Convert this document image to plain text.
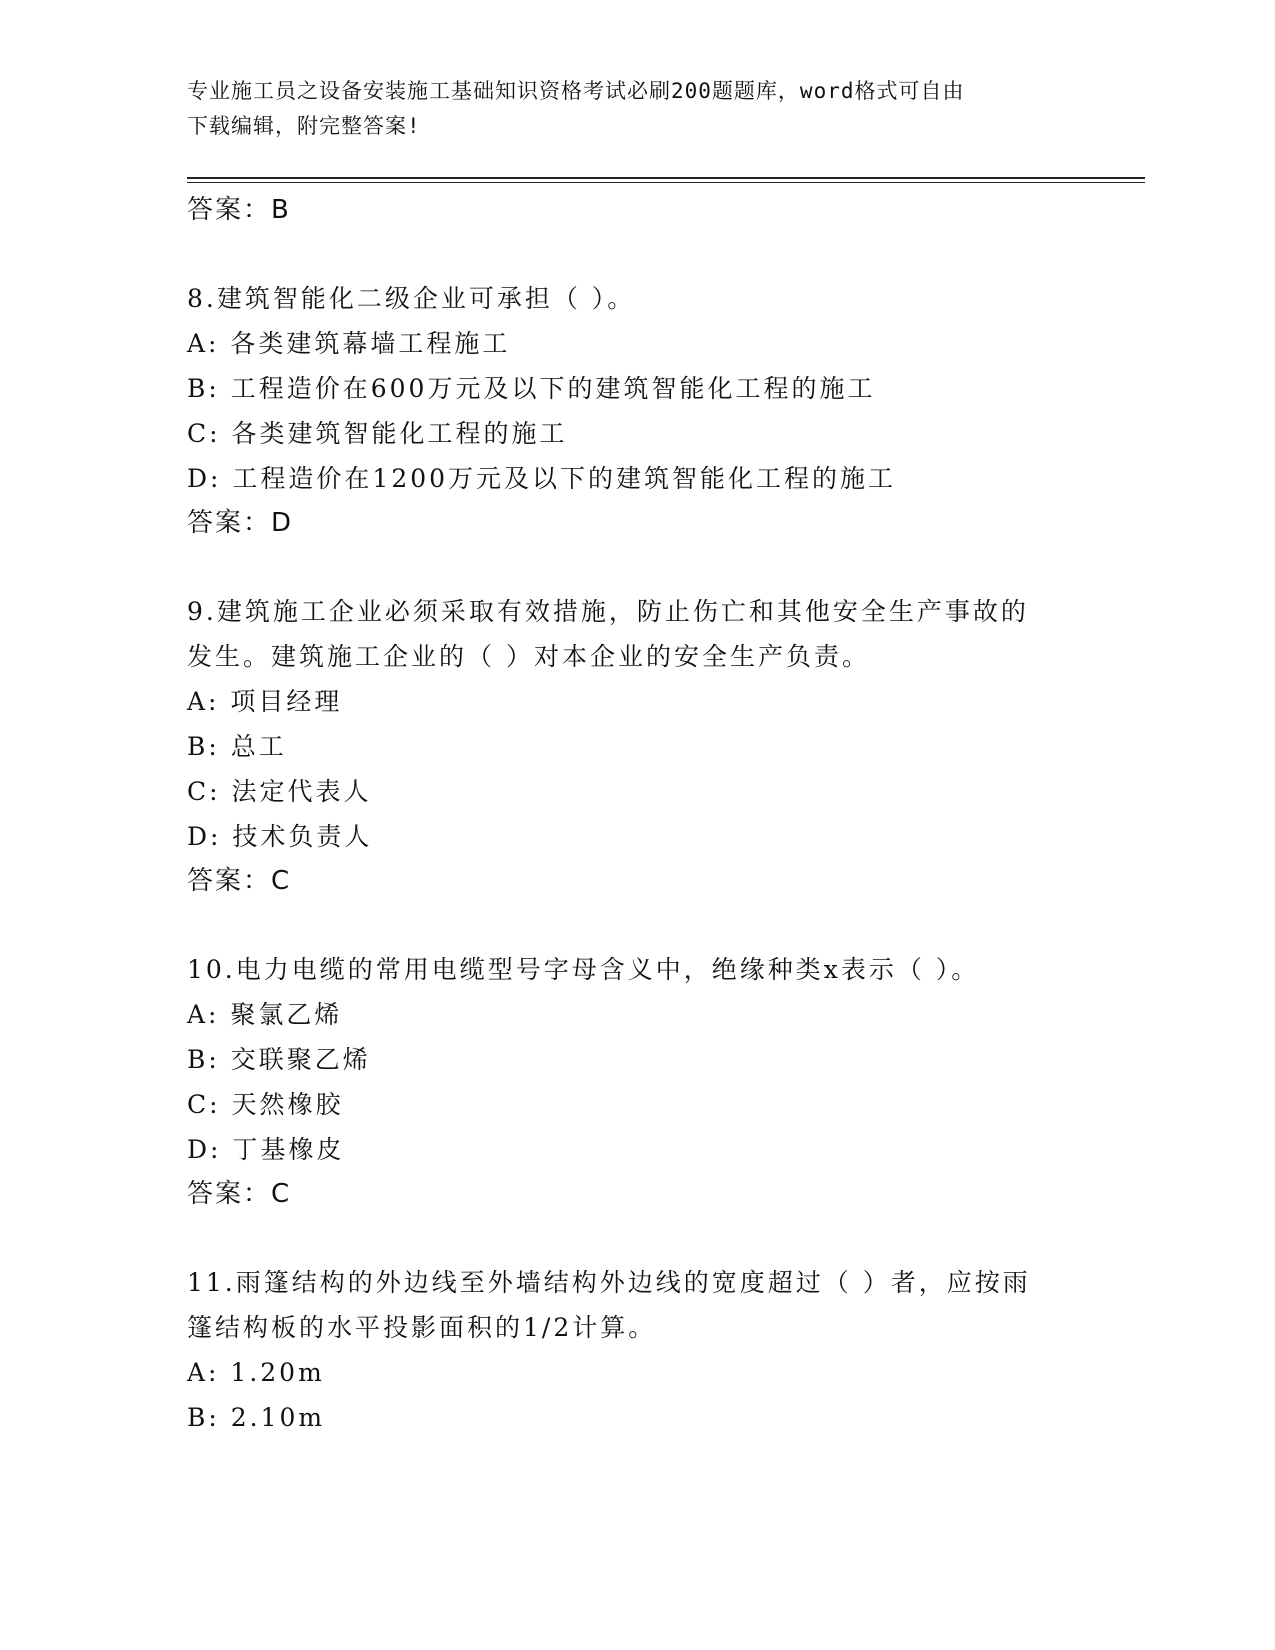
专业施工员之设备安装施工基础知识资格考试必刷200题题库，word格式可自由
下载编辑，附完整答案!
答案：B
8.建筑智能化二级企业可承担（ ）。
A: 各类建筑幕墙工程施工
B: 工程造价在600万元及以下的建筑智能化工程的施工
C: 各类建筑智能化工程的施工
D: 工程造价在1200万元及以下的建筑智能化工程的施工
答案：D
9.建筑施工企业必须采取有效措施，防止伤亡和其他安全生产事故的
发生。建筑施工企业的（ ）对本企业的安全生产负责。
A: 项目经理
B: 总工
C: 法定代表人
D: 技术负责人
答案：C
10.电力电缆的常用电缆型号字母含义中，绝缘种类x表示（ ）。
A: 聚氯乙烯
B: 交联聚乙烯
C: 天然橡胶
D: 丁基橡皮
答案：C
11.雨篷结构的外边线至外墙结构外边线的宽度超过（ ）者，应按雨
篷结构板的水平投影面积的1/2计算。
A: 1.20m
B: 2.10m
